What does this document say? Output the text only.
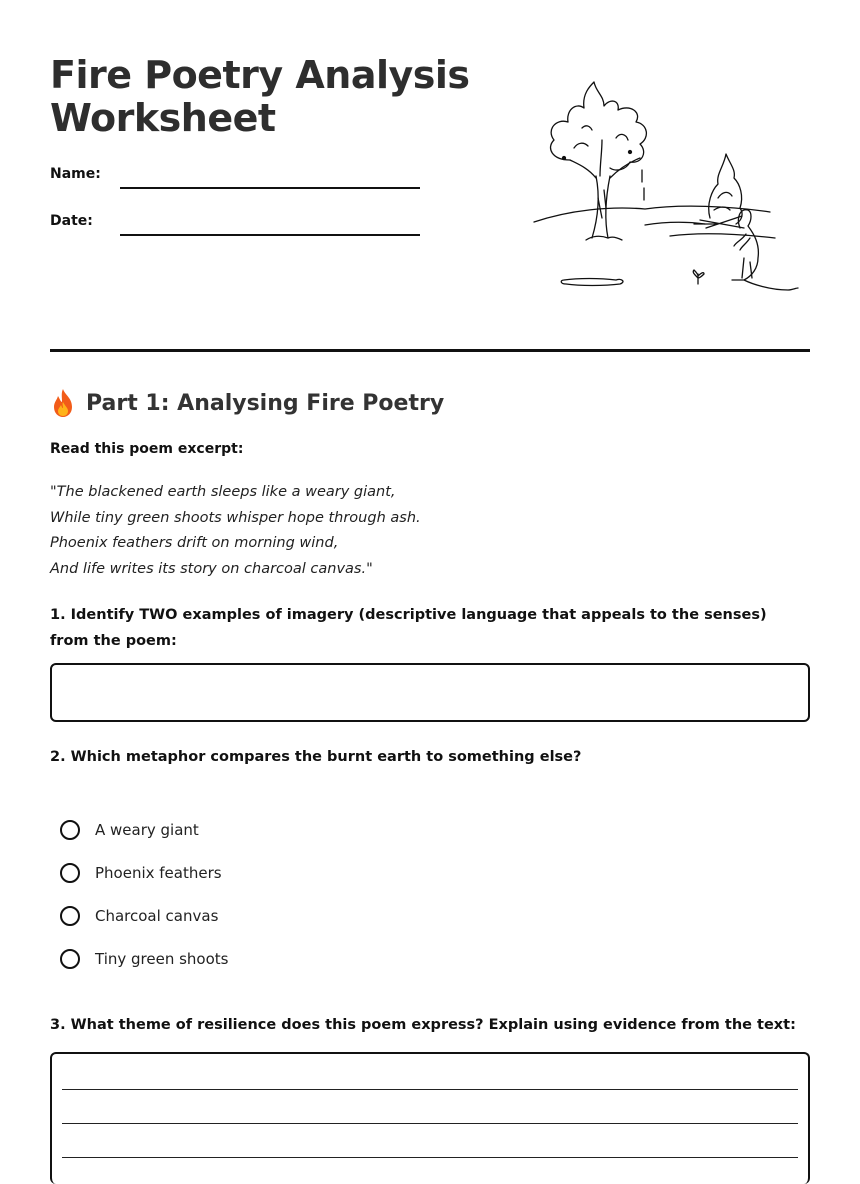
Fire Poetry Analysis
Worksheet
Name:
Date:
Part 1: Analysing Fire Poetry
Read this poem excerpt:
"The blackened earth sleeps like a weary giant,
While tiny green shoots whisper hope through ash.
Phoenix feathers drift on morning wind,
And life writes its story on charcoal canvas."
1. Identify TWO examples of imagery (descriptive language that appeals to the senses) from the poem:
2. Which metaphor compares the burnt earth to something else?
A weary giant
Phoenix feathers
Charcoal canvas
Tiny green shoots
3. What theme of resilience does this poem express? Explain using evidence from the text:
